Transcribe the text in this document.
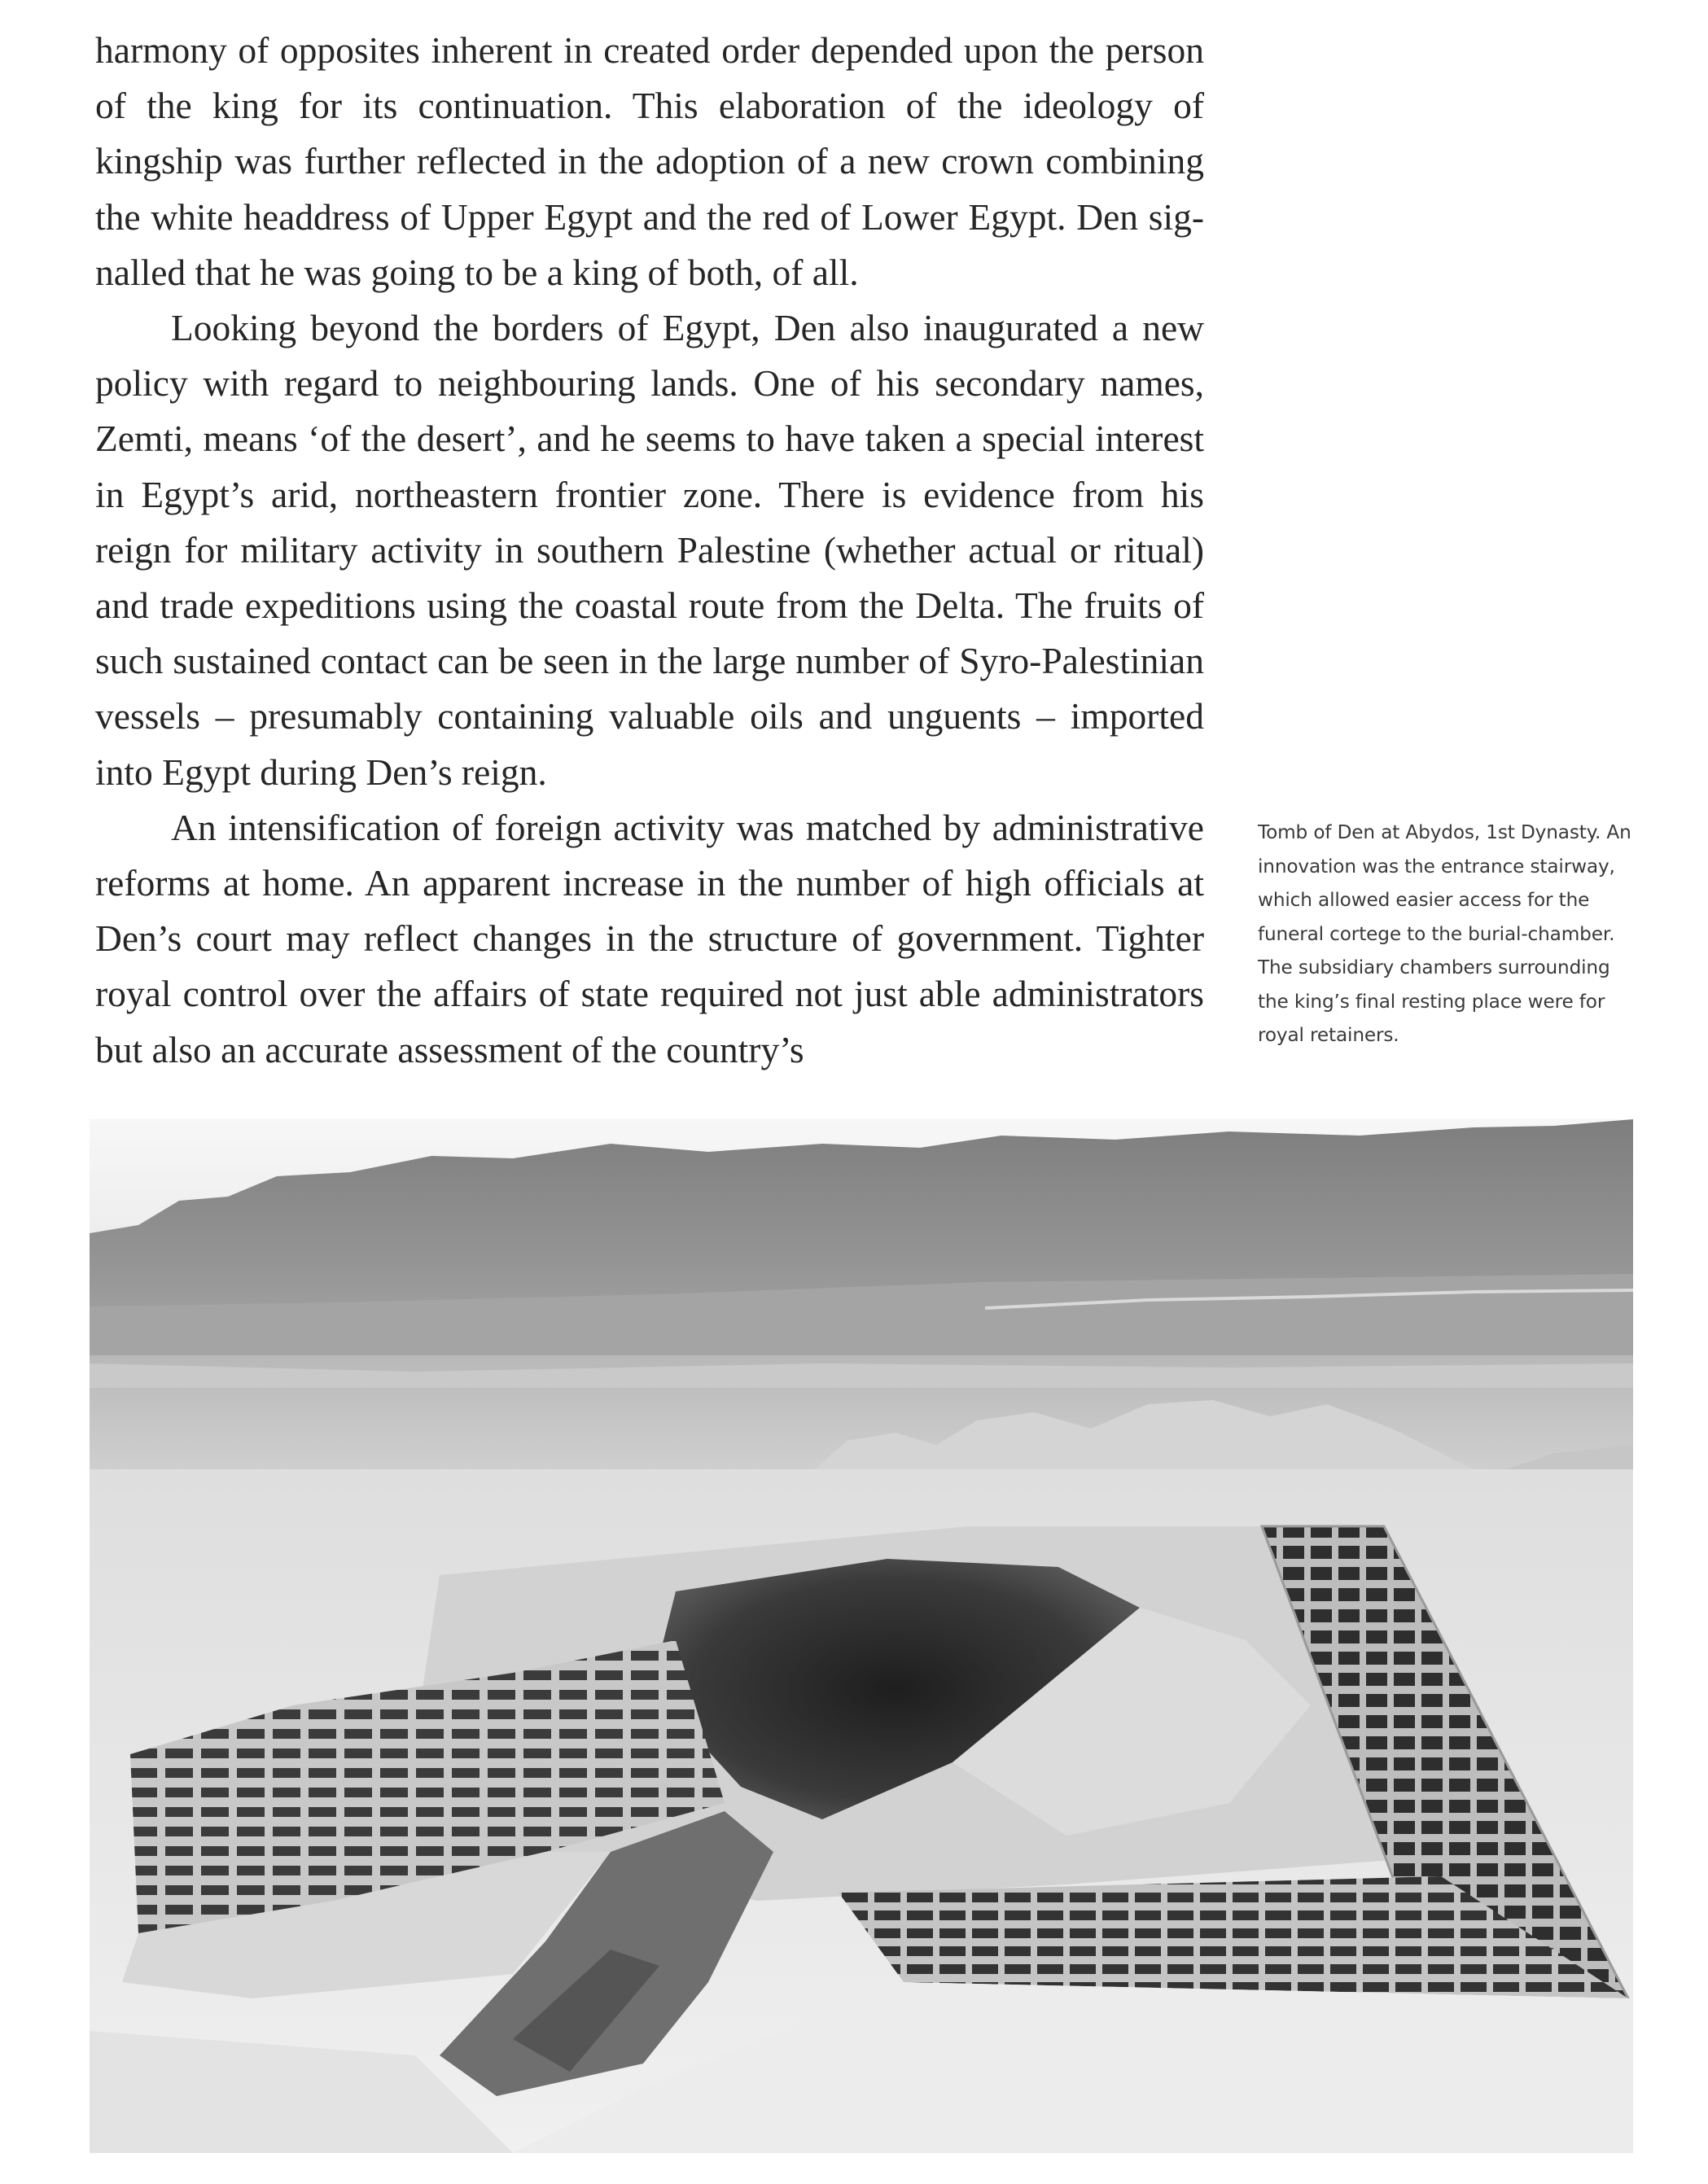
harmony of opposites inherent in created order depended upon the person of the king for its continuation. This elaboration of the ideology of kingship was further reflected in the adoption of a new crown combining the white headdress of Upper Egypt and the red of Lower Egypt. Den signalled that he was going to be a king of both, of all.

Looking beyond the borders of Egypt, Den also inaugurated a new policy with regard to neighbouring lands. One of his secondary names, Zemti, means ‘of the desert’, and he seems to have taken a special interest in Egypt’s arid, northeastern frontier zone. There is evidence from his reign for military activity in southern Palestine (whether actual or ritual) and trade expeditions using the coastal route from the Delta. The fruits of such sustained contact can be seen in the large number of Syro-Palestinian vessels – presumably containing valuable oils and unguents – imported into Egypt during Den’s reign.

An intensification of foreign activity was matched by administrative reforms at home. An apparent increase in the number of high officials at Den’s court may reflect changes in the structure of government. Tighter royal control over the affairs of state required not just able administrators but also an accurate assessment of the country’s

Tomb of Den at Abydos, 1st Dynasty. An innovation was the entrance stairway, which allowed easier access for the funeral cortege to the burial-chamber. The subsidiary chambers surrounding the king’s final resting place were for royal retainers.
